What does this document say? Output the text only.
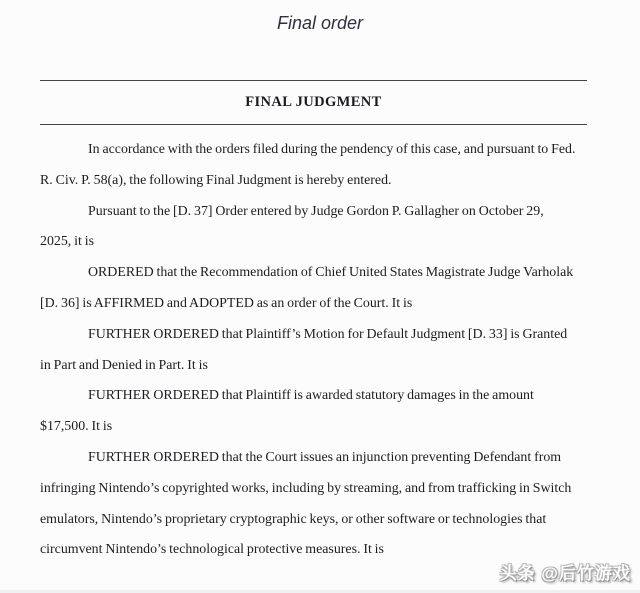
Final order
FINAL JUDGMENT

In accordance with the orders filed during the pendency of this case, and pursuant to Fed. R. Civ. P. 58(a), the following Final Judgment is hereby entered.

Pursuant to the [D. 37] Order entered by Judge Gordon P. Gallagher on October 29, 2025, it is

ORDERED that the Recommendation of Chief United States Magistrate Judge Varholak [D. 36] is AFFIRMED and ADOPTED as an order of the Court. It is

FURTHER ORDERED that Plaintiff’s Motion for Default Judgment [D. 33] is Granted in Part and Denied in Part. It is

FURTHER ORDERED that Plaintiff is awarded statutory damages in the amount $17,500. It is

FURTHER ORDERED that the Court issues an injunction preventing Defendant from infringing Nintendo’s copyrighted works, including by streaming, and from trafficking in Switch emulators, Nintendo’s proprietary cryptographic keys, or other software or technologies that circumvent Nintendo’s technological protective measures. It is

头条 @后竹游戏
